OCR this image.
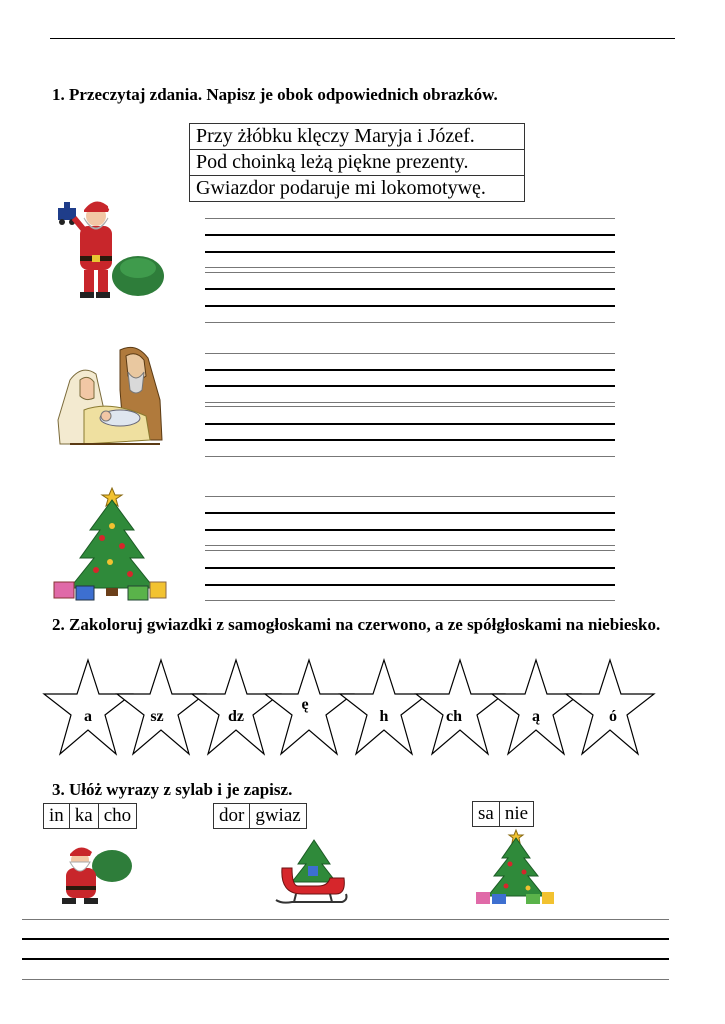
1. Przeczytaj zdania. Napisz je obok odpowiednich obrazków.
Przy żłóbku klęczy Maryja i Józef.
Pod choinką leżą piękne prezenty.
Gwiazdor podaruje mi lokomotywę.
2. Zakoloruj gwiazdki z samogłoskami na czerwono, a ze spółgłoskami na niebiesko.
a	sz	dz
ę
h	ch	ą	ó
3. Ułóż wyrazy z sylab i je zapisz.
in ka cho	dor gwiaz	sa nie
